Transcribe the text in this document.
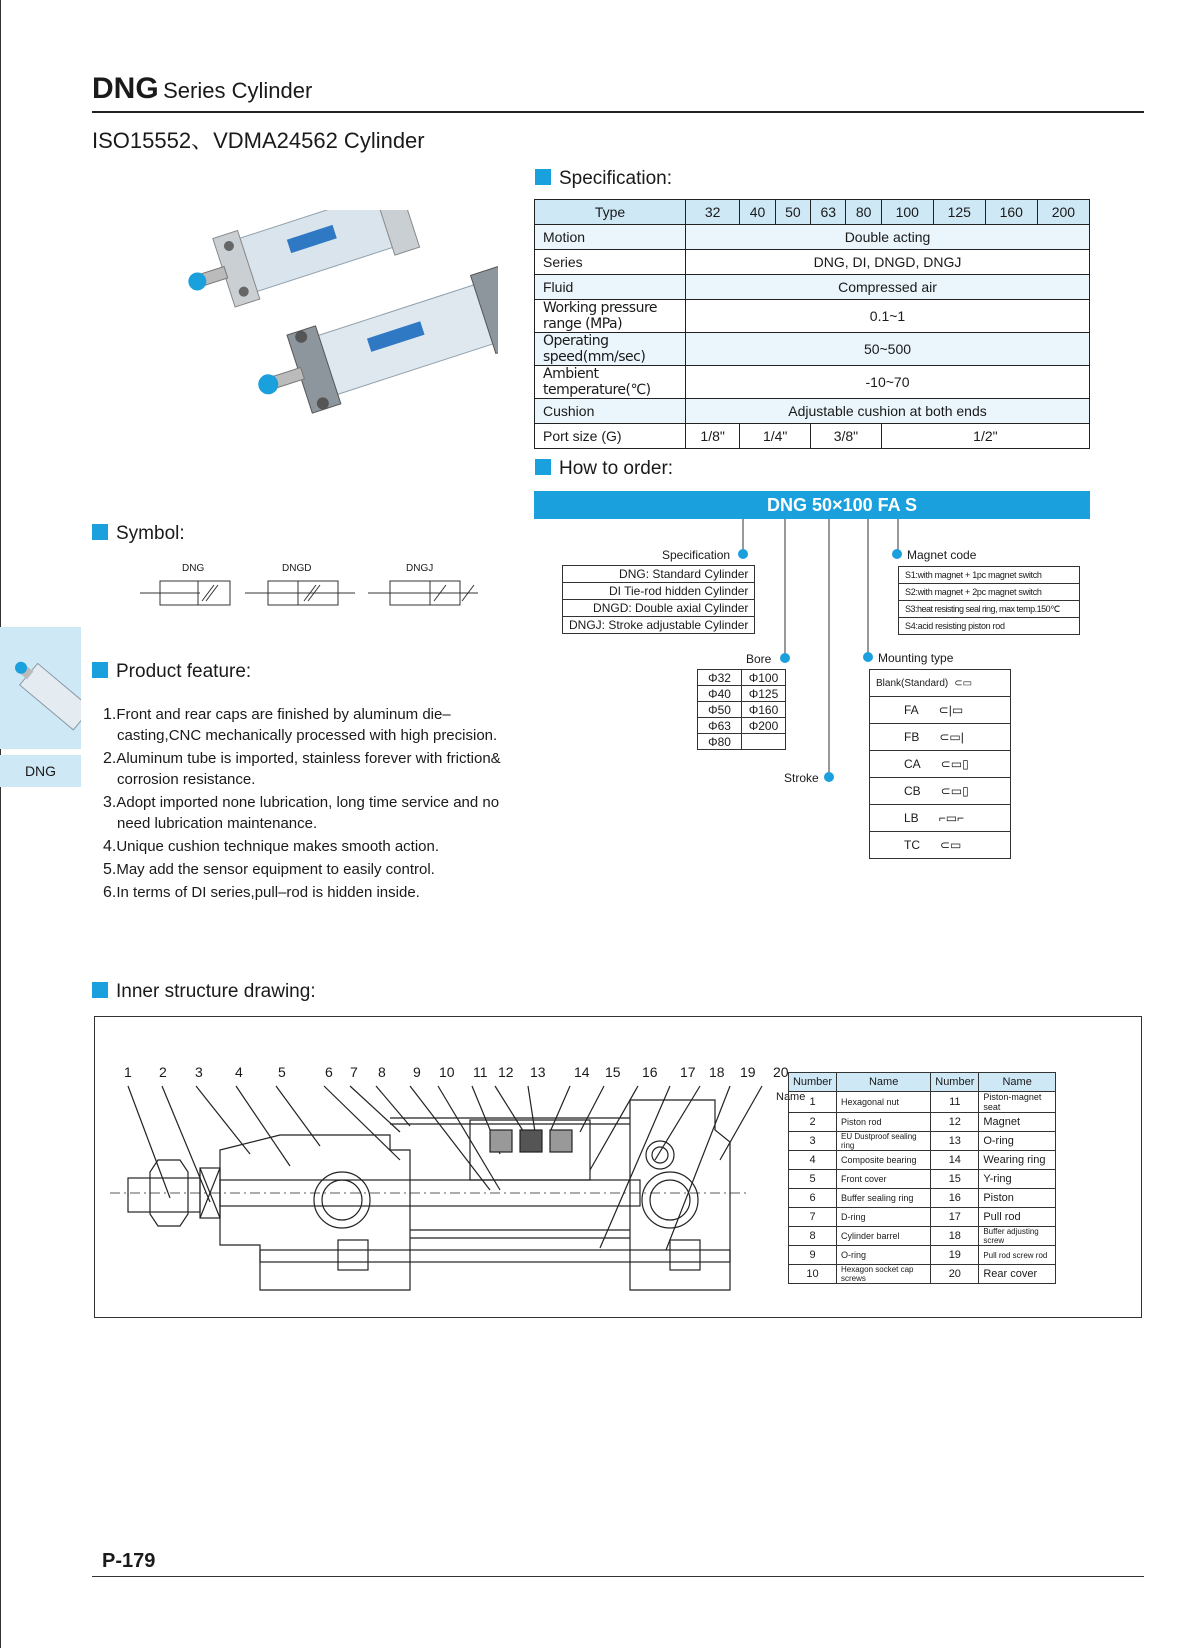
DNG Series Cylinder
ISO15552、VDMA24562 Cylinder
DNG
Specification:
Type	32	40	50	63	80	100	125	160	200
Motion	Double acting								
Series	DNG, DI, DNGD, DNGJ								
Fluid	Compressed air								
Working pressure range (MPa)	0.1~1								
Operating speed(mm/sec)	50~500								
Ambient temperature(℃)	-10~70								
Cushion	Adjustable cushion at both ends								
Port size (G)	1/8"	1/4"		3/8"		1/2"			
How to order:
DNG 50×100 FA S
Specification
DNG: Standard Cylinder
DI Tie-rod hidden Cylinder
DNGD: Double axial Cylinder
DNGJ: Stroke adjustable Cylinder
Bore
Φ32	Φ100
Φ40	Φ125
Φ50	Φ160
Φ63	Φ200
Φ80	
Stroke
Mounting type
Blank(Standard) ⊂▭
FA ⊂|▭
FB ⊂▭|
CA ⊂▭▯
CB ⊂▭▯
LB ⌐▭⌐
TC ⊂▭
Magnet code
S1:with magnet + 1pc magnet switch
S2:with magnet + 2pc magnet switch
S3:heat resisting seal ring, max temp.150℃
S4:acid resisting piston rod
Symbol:
DNG	DNGD	DNGJ
Product feature:

1.Front and rear caps are finished by aluminum die–casting,CNC mechanically processed with high precision.

2.Aluminum tube is imported, stainless forever with friction& corrosion resistance.

3.Adopt imported none lubrication, long time service and no need lubrication maintenance.

4.Unique cushion technique makes smooth action.

5.May add the sensor equipment to easily control.

6.In terms of DI series,pull–rod is hidden inside.

Inner structure drawing:
1 2 3 4	5	6 7 8 9 10 11 12 13 14 15 16 17 18 19 20
Name
Number	Name	Number	Name
1	Hexagonal nut	11	Piston-magnet seat
2	Piston rod	12	Magnet
3	EU Dustproof sealing ring	13	O-ring
4	Composite bearing	14	Wearing ring
5	Front cover	15	Y-ring
6	Buffer sealing ring	16	Piston
7	D-ring	17	Pull rod
8	Cylinder barrel	18	Buffer adjusting screw
9	O-ring	19	Pull rod screw rod
10	Hexagon socket cap screws	20	Rear cover
P-179
